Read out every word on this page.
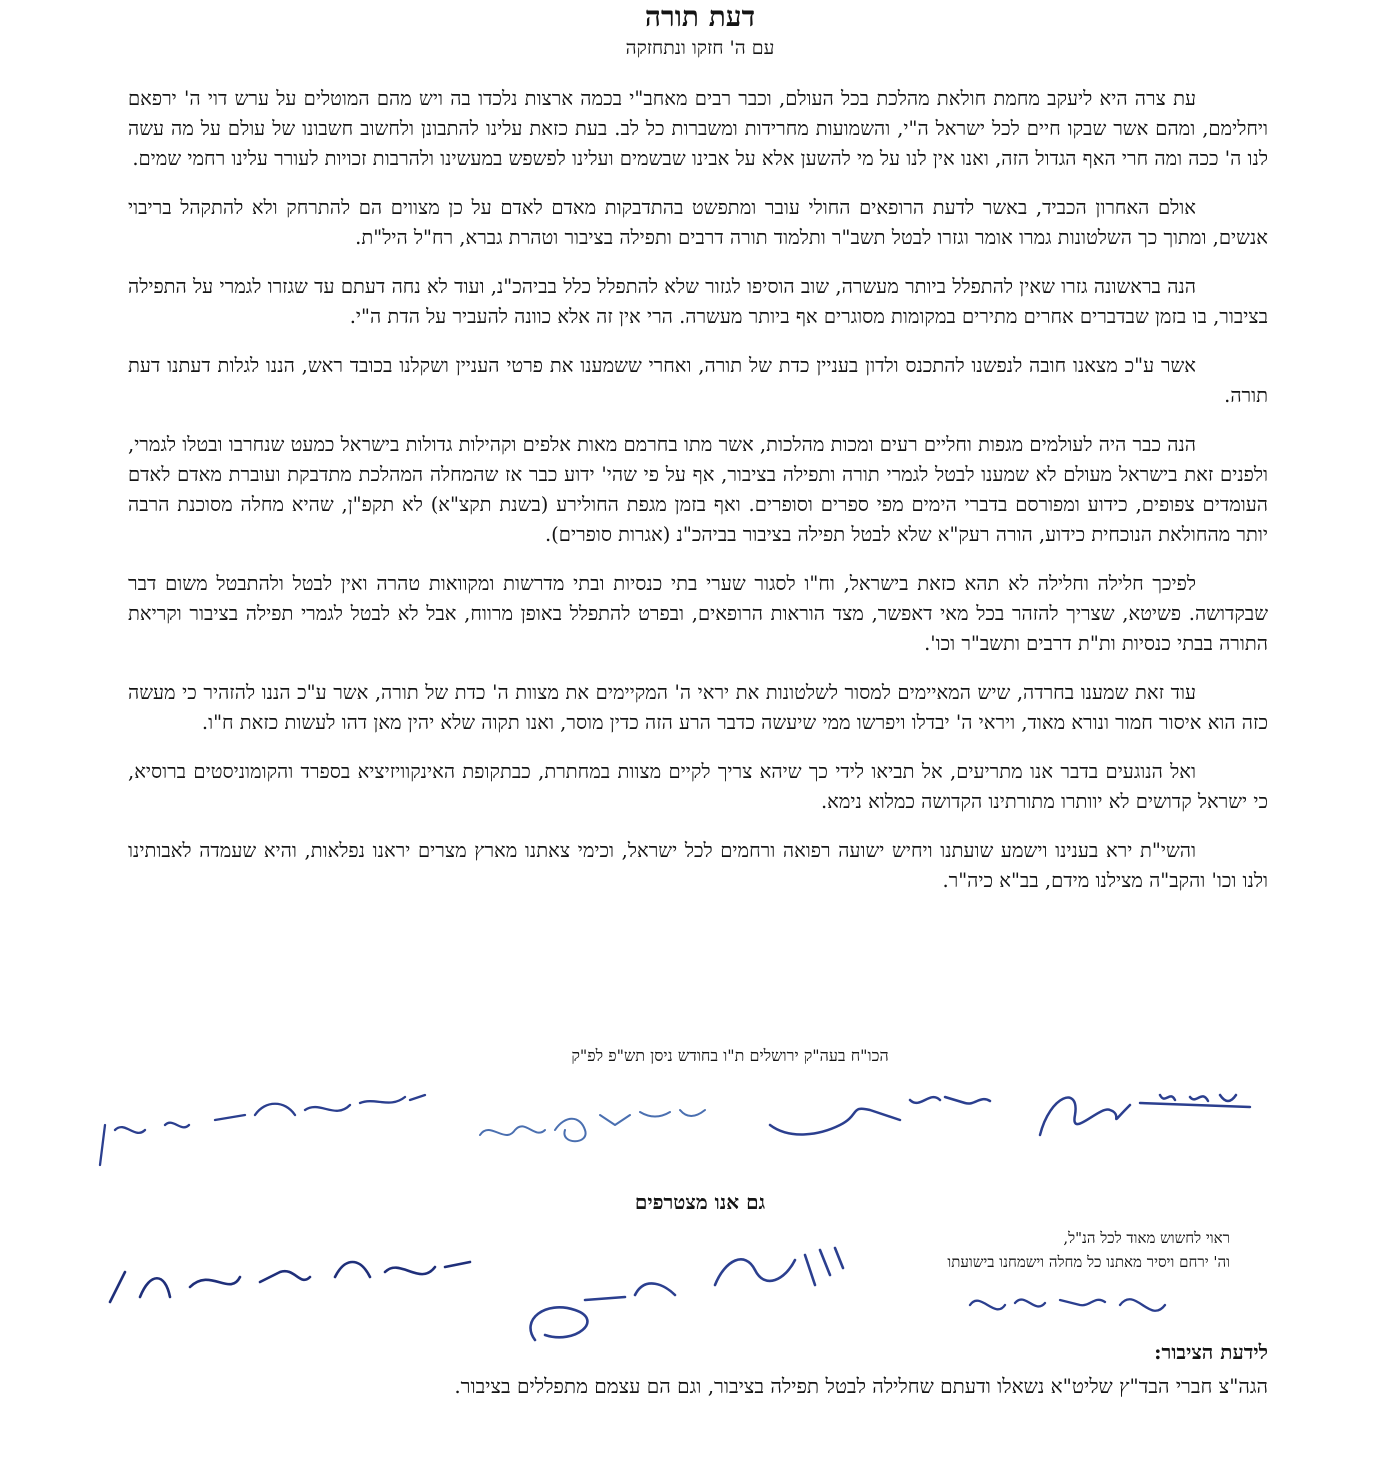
דעת תורה
עם ה' חזקו ונתחזקה

עת צרה היא ליעקב מחמת חולאת מהלכת בכל העולם, וכבר רבים מאחב"י בכמה ארצות נלכדו בה ויש מהם המוטלים על ערש דוי ה' ירפאם ויחלימם, ומהם אשר שבקו חיים לכל ישראל ה"י, והשמועות מחרידות ומשברות כל לב. בעת כזאת עלינו להתבונן ולחשוב חשבונו של עולם על מה עשה לנו ה' ככה ומה חרי האף הגדול הזה, ואנו אין לנו על מי להשען אלא על אבינו שבשמים ועלינו לפשפש במעשינו ולהרבות זכויות לעורר עלינו רחמי שמים.

אולם האחרון הכביד, באשר לדעת הרופאים החולי עובר ומתפשט בהתדבקות מאדם לאדם על כן מצווים הם להתרחק ולא להתקהל בריבוי אנשים, ומתוך כך השלטונות גמרו אומר וגזרו לבטל תשב"ר ותלמוד תורה דרבים ותפילה בציבור וטהרת גברא, רח"ל היל"ת.

הנה בראשונה גזרו שאין להתפלל ביותר מעשרה, שוב הוסיפו לגזור שלא להתפלל כלל בביהכ"נ, ועוד לא נחה דעתם עד שגזרו לגמרי על התפילה בציבור, בו בזמן שבדברים אחרים מתירים במקומות מסוגרים אף ביותר מעשרה. הרי אין זה אלא כוונה להעביר על הדת ה"י.

אשר ע"כ מצאנו חובה לנפשנו להתכנס ולדון בעניין כדת של תורה, ואחרי ששמענו את פרטי העניין ושקלנו בכובד ראש, הננו לגלות דעתנו דעת תורה.

הנה כבר היה לעולמים מגפות וחליים רעים ומכות מהלכות, אשר מתו בחרמם מאות אלפים וקהילות גדולות בישראל כמעט שנחרבו ובטלו לגמרי, ולפנים זאת בישראל מעולם לא שמענו לבטל לגמרי תורה ותפילה בציבור, אף על פי שהי' ידוע כבר אז שהמחלה המהלכת מתדבקת ועוברת מאדם לאדם העומדים צפופים, כידוע ומפורסם בדברי הימים מפי ספרים וסופרים. ואף בזמן מגפת החולירע (בשנת תקצ"א) לא תקפ"ן, שהיא מחלה מסוכנת הרבה יותר מהחולאת הנוכחית כידוע, הורה רעק"א שלא לבטל תפילה בציבור בביהכ"נ (אגרות סופרים).

לפיכך חלילה וחלילה לא תהא כזאת בישראל, וח"ו לסגור שערי בתי כנסיות ובתי מדרשות ומקוואות טהרה ואין לבטל ולהתבטל משום דבר שבקדושה. פשיטא, שצריך להזהר בכל מאי דאפשר, מצד הוראות הרופאים, ובפרט להתפלל באופן מרווח, אבל לא לבטל לגמרי תפילה בציבור וקריאת התורה בבתי כנסיות ות"ת דרבים ותשב"ר וכו'.

עוד זאת שמענו בחרדה, שיש המאיימים למסור לשלטונות את יראי ה' המקיימים את מצוות ה' כדת של תורה, אשר ע"כ הננו להזהיר כי מעשה כזה הוא איסור חמור ונורא מאוד, ויראי ה' יבדלו ויפרשו ממי שיעשה כדבר הרע הזה כדין מוסר, ואנו תקוה שלא יהין מאן דהו לעשות כזאת ח"ו.

ואל הנוגעים בדבר אנו מתריעים, אל תביאו לידי כך שיהא צריך לקיים מצוות במחתרת, כבתקופת האינקוויזיציא בספרד והקומוניסטים ברוסיא, כי ישראל קדושים לא יוותרו מתורתינו הקדושה כמלוא נימא.

והשי"ת ירא בענינו וישמע שועתנו ויחיש ישועה רפואה ורחמים לכל ישראל, וכימי צאתנו מארץ מצרים יראנו נפלאות, והיא שעמדה לאבותינו ולנו וכו' והקב"ה מצילנו מידם, בב"א כיה"ר.

הכו"ח בעה"ק ירושלים ת"ו בחודש ניסן תש"פ לפ"ק
גם אנו מצטרפים
ראוי לחשוש מאוד לכל הנ"ל,
וה' ירחם ויסיר מאתנו כל מחלה וישמחנו בישועתו
לידעת הציבור:
הגה"צ חברי הבד"ץ שליט"א נשאלו ודעתם שחלילה לבטל תפילה בציבור, וגם הם עצמם מתפללים בציבור.
